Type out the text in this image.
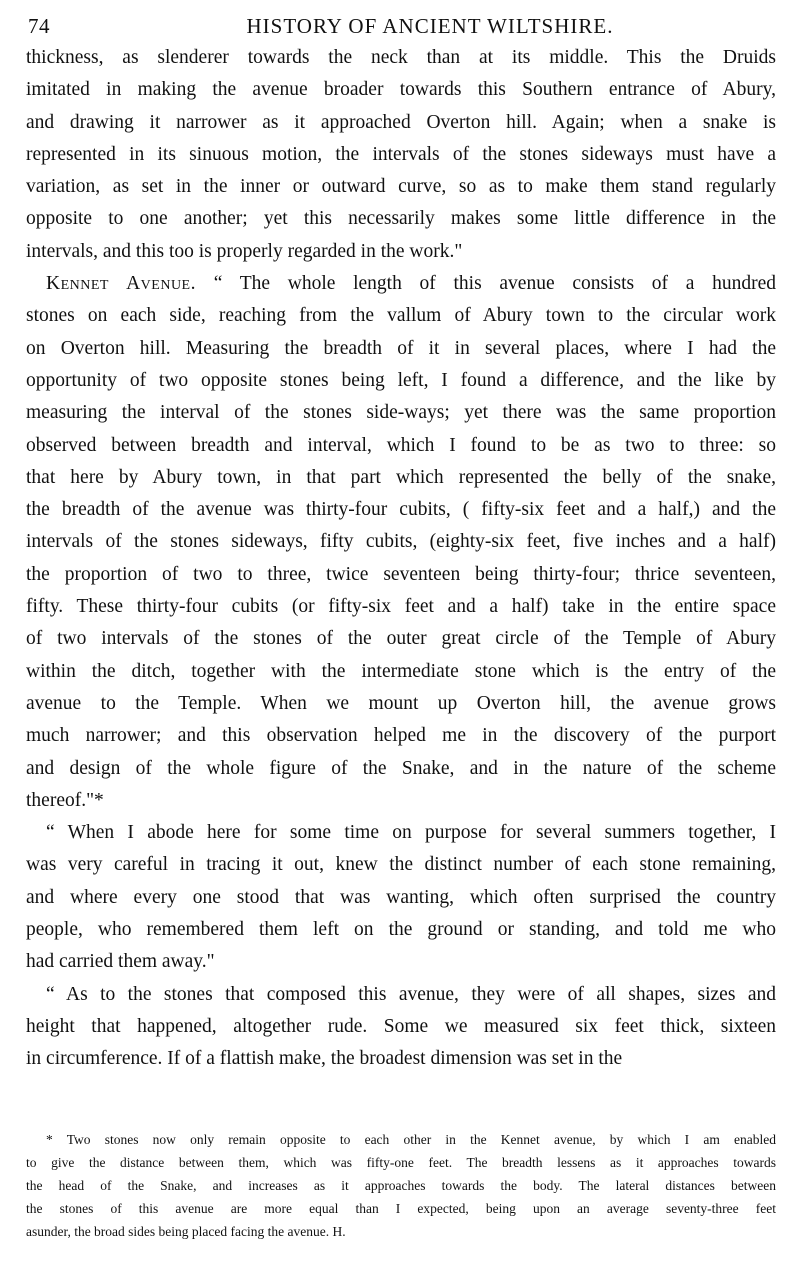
74	HISTORY OF ANCIENT WILTSHIRE.
thickness, as slenderer towards the neck than at its middle. This the Druids
imitated in making the avenue broader towards this Southern entrance of Abury,
and drawing it narrower as it approached Overton hill. Again; when a snake is
represented in its sinuous motion, the intervals of the stones sideways must have a
variation, as set in the inner or outward curve, so as to make them stand regularly
opposite to one another; yet this necessarily makes some little difference in the
intervals, and this too is properly regarded in the work."
Kennet Avenue. “ The whole length of this avenue consists of a hundred
stones on each side, reaching from the vallum of Abury town to the circular work
on Overton hill. Measuring the breadth of it in several places, where I had the
opportunity of two opposite stones being left, I found a difference, and the like by
measuring the interval of the stones side-ways; yet there was the same proportion
observed between breadth and interval, which I found to be as two to three: so
that here by Abury town, in that part which represented the belly of the snake,
the breadth of the avenue was thirty-four cubits, ( fifty-six feet and a half,) and the
intervals of the stones sideways, fifty cubits, (eighty-six feet, five inches and a half)
the proportion of two to three, twice seventeen being thirty-four; thrice seventeen,
fifty. These thirty-four cubits (or fifty-six feet and a half) take in the entire space
of two intervals of the stones of the outer great circle of the Temple of Abury
within the ditch, together with the intermediate stone which is the entry of the
avenue to the Temple. When we mount up Overton hill, the avenue grows
much narrower; and this observation helped me in the discovery of the purport
and design of the whole figure of the Snake, and in the nature of the scheme
thereof."*
“ When I abode here for some time on purpose for several summers together, I
was very careful in tracing it out, knew the distinct number of each stone remaining,
and where every one stood that was wanting, which often surprised the country
people, who remembered them left on the ground or standing, and told me who
had carried them away."
“ As to the stones that composed this avenue, they were of all shapes, sizes and
height that happened, altogether rude. Some we measured six feet thick, sixteen
in circumference. If of a flattish make, the broadest dimension was set in the
* Two stones now only remain opposite to each other in the Kennet avenue, by which I am enabled
to give the distance between them, which was fifty-one feet. The breadth lessens as it approaches towards
the head of the Snake, and increases as it approaches towards the body. The lateral distances between
the stones of this avenue are more equal than I expected, being upon an average seventy-three feet
asunder, the broad sides being placed facing the avenue. H.
